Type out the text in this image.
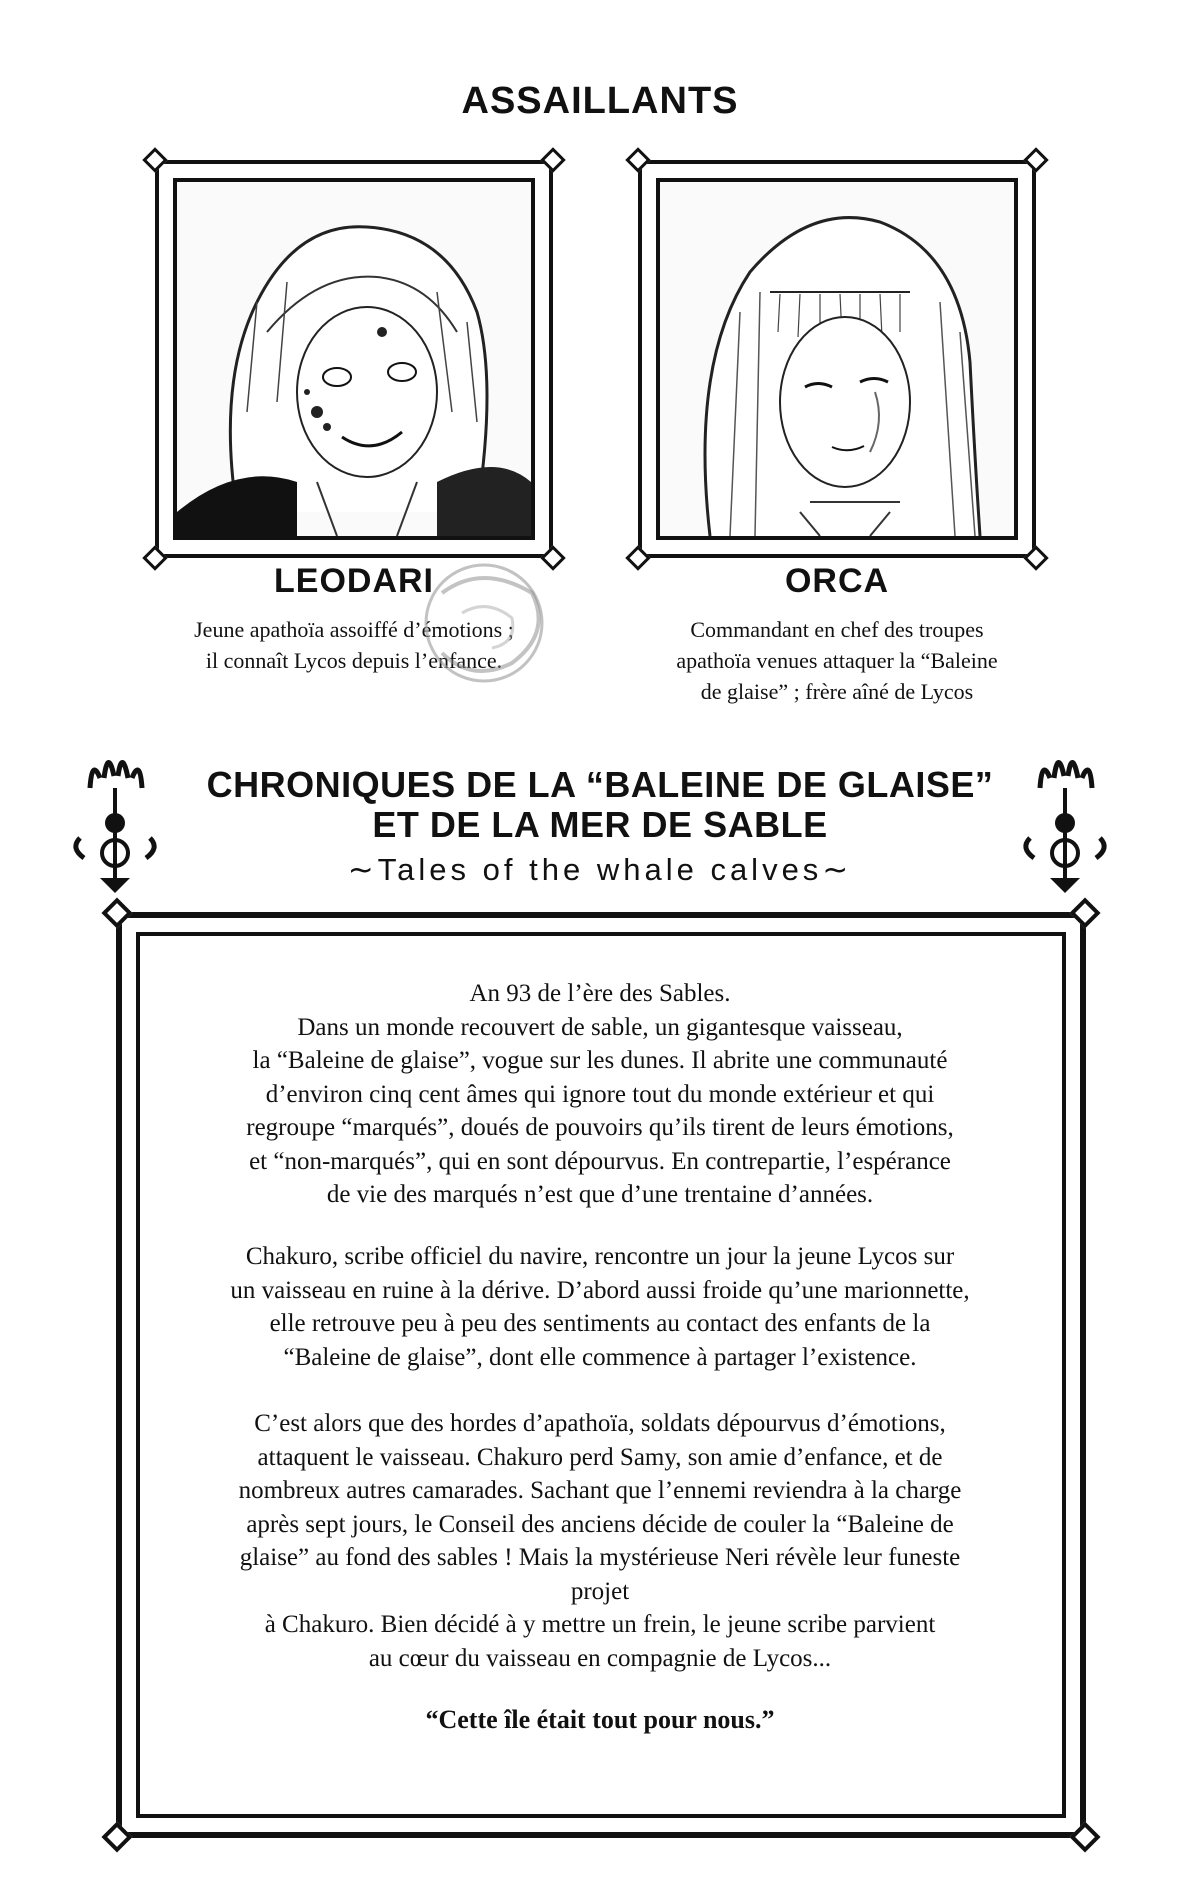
ASSAILLANTS
LEODARI
Jeune apathoïa assoiffé d’émotions ;
il connaît Lycos depuis l’enfance.
ORCA
Commandant en chef des troupes
apathoïa venues attaquer la “Baleine
de glaise” ; frère aîné de Lycos
CHRONIQUES DE LA “BALEINE DE GLAISE”
ET DE LA MER DE SABLE
∼Tales of the whale calves∼

An 93 de l’ère des Sables.

Dans un monde recouvert de sable, un gigantesque vaisseau,

la “Baleine de glaise”, vogue sur les dunes. Il abrite une communauté

d’environ cinq cent âmes qui ignore tout du monde extérieur et qui

regroupe “marqués”, doués de pouvoirs qu’ils tirent de leurs émotions,

et “non-marqués”, qui en sont dépourvus. En contrepartie, l’espérance

de vie des marqués n’est que d’une trentaine d’années.

Chakuro, scribe officiel du navire, rencontre un jour la jeune Lycos sur

un vaisseau en ruine à la dérive. D’abord aussi froide qu’une marionnette,

elle retrouve peu à peu des sentiments au contact des enfants de la

“Baleine de glaise”, dont elle commence à partager l’existence.

C’est alors que des hordes d’apathoïa, soldats dépourvus d’émotions,

attaquent le vaisseau. Chakuro perd Samy, son amie d’enfance, et de

nombreux autres camarades. Sachant que l’ennemi reviendra à la charge

après sept jours, le Conseil des anciens décide de couler la “Baleine de

glaise” au fond des sables ! Mais la mystérieuse Neri révèle leur funeste

projet

à Chakuro. Bien décidé à y mettre un frein, le jeune scribe parvient

au cœur du vaisseau en compagnie de Lycos...

“Cette île était tout pour nous.”
